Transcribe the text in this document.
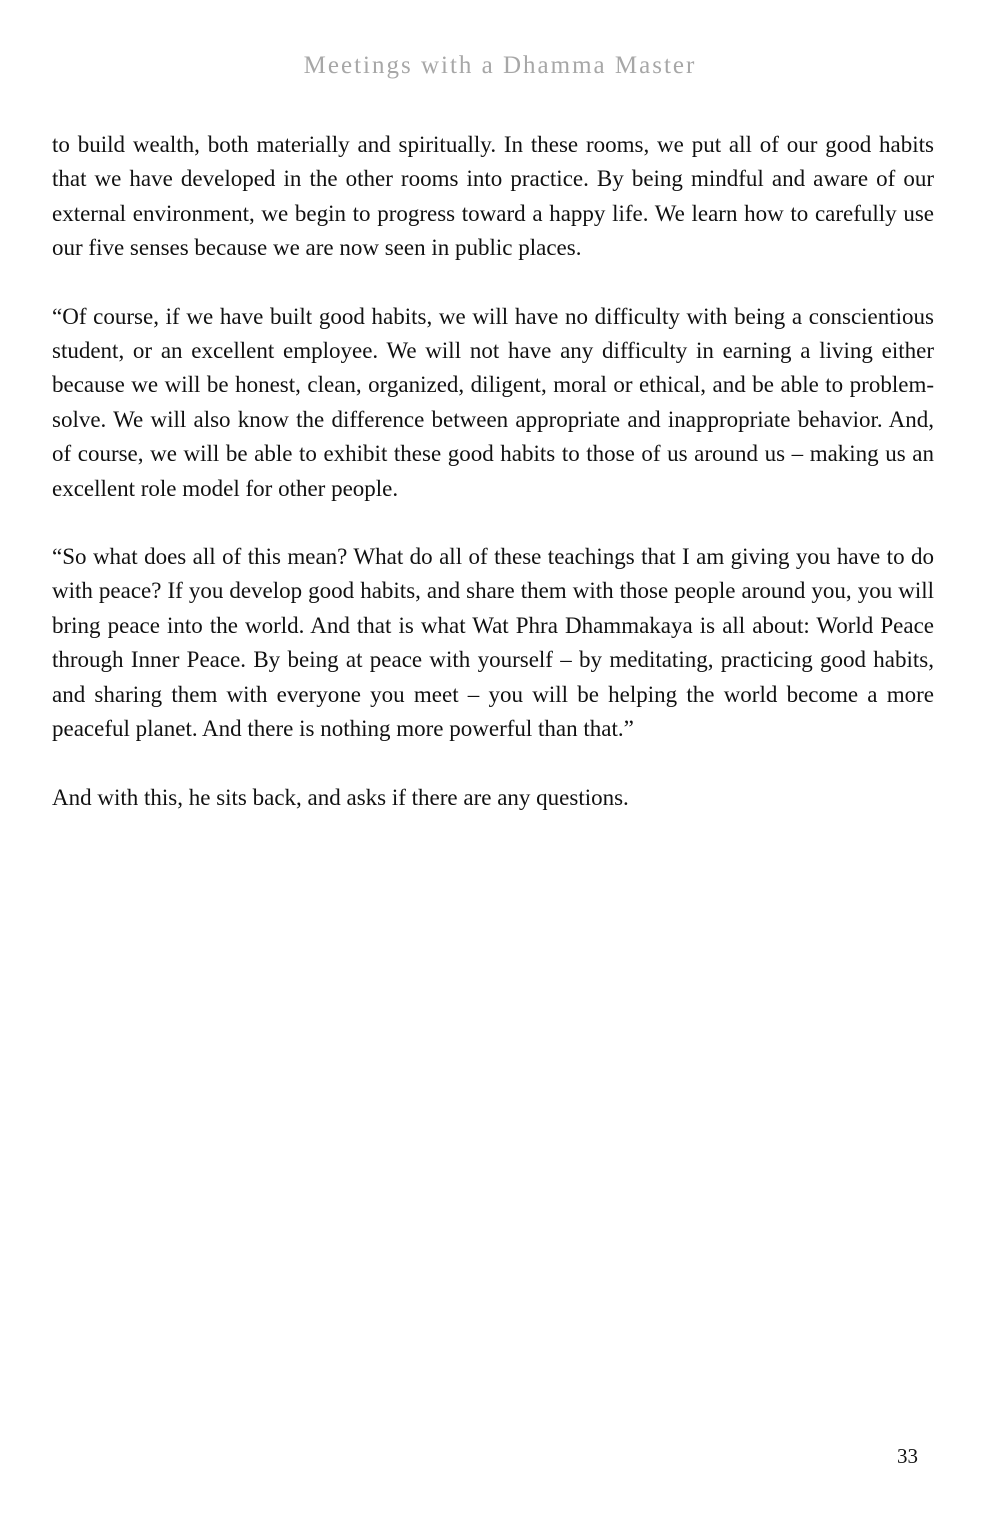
Meetings with a Dhamma Master

to build wealth, both materially and spiritually. In these rooms, we put all of our good habits that we have developed in the other rooms into practice. By being mindful and aware of our external environment, we begin to progress toward a happy life. We learn how to carefully use our five senses because we are now seen in public places.

“Of course, if we have built good habits, we will have no difficulty with being a conscientious student, or an excellent employee. We will not have any difficulty in earning a living either because we will be honest, clean, organized, diligent, moral or ethical, and be able to problem-solve. We will also know the difference between appropriate and inappropriate behavior. And, of course, we will be able to exhibit these good habits to those of us around us – making us an excellent role model for other people.

“So what does all of this mean? What do all of these teachings that I am giving you have to do with peace? If you develop good habits, and share them with those people around you, you will bring peace into the world. And that is what Wat Phra Dhammakaya is all about: World Peace through Inner Peace. By being at peace with yourself – by meditating, practicing good habits, and sharing them with everyone you meet – you will be helping the world become a more peaceful planet. And there is nothing more powerful than that.”

And with this, he sits back, and asks if there are any questions.

33
